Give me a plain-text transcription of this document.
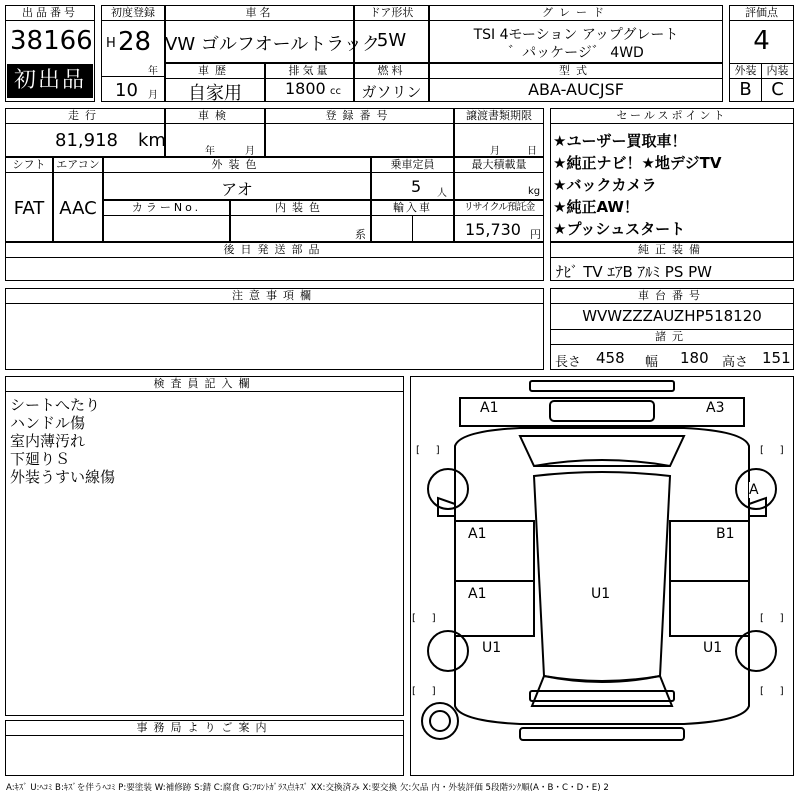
出品番号
38166
初出品
初度登録
H 28
年
10 月
車名
VW ゴルフオールトラック
ドア形状
5W
グレード
TSI 4モーション アップグレート
゛パッケージ゛ 4WD
評価点
4
外装 内装
B	C
車歴
自家用
排気量
1800 cc
燃料
ガソリン
型式
ABA-AUCJSF
走行
81,918 km
車検
年	月
登録番号	譲渡書類期限
月	日
セールスポイント
★ユーザー買取車！
★純正ナビ！★地デジTV
★バックカメラ
★純正AW！
★プッシュスタート
シフト
FAT
エアコン
AAC
外装色
アオ
乗車定員
5 人
最大積載量
kg
カラーNo.	内装色
系
輸入車	リサイクル預託金
15,730 円
後日発送部品	純正装備
ﾅﾋﾞ TV ｴｱB ｱﾙﾐ PS PW
注意事項欄	車台番号
WVWZZZAUZHP518120
諸元
長さ 458 幅 180 高さ 151
検査員記入欄
シートへたり
ハンドル傷
室内薄汚れ
下廻りＳ
外装うすい線傷
事務局よりご案内
[     ]	[     ]
[     ]	[     ]
[     ]	[     ]
A1	A3
A
A1	B1
A1	U1
U1	U1
A:ｷｽﾞ U:ﾍｺﾐ B:ｷｽﾞを伴うﾍｺﾐ P:要塗装 W:補修跡 S:錆 C:腐食 G:ﾌﾛﾝﾄｶﾞﾗｽ点ｷｽﾞ XX:交換済み X:要交換 欠:欠品 内・外装評価 5段階ﾗﾝｸ順(A・B・C・D・E) 2
